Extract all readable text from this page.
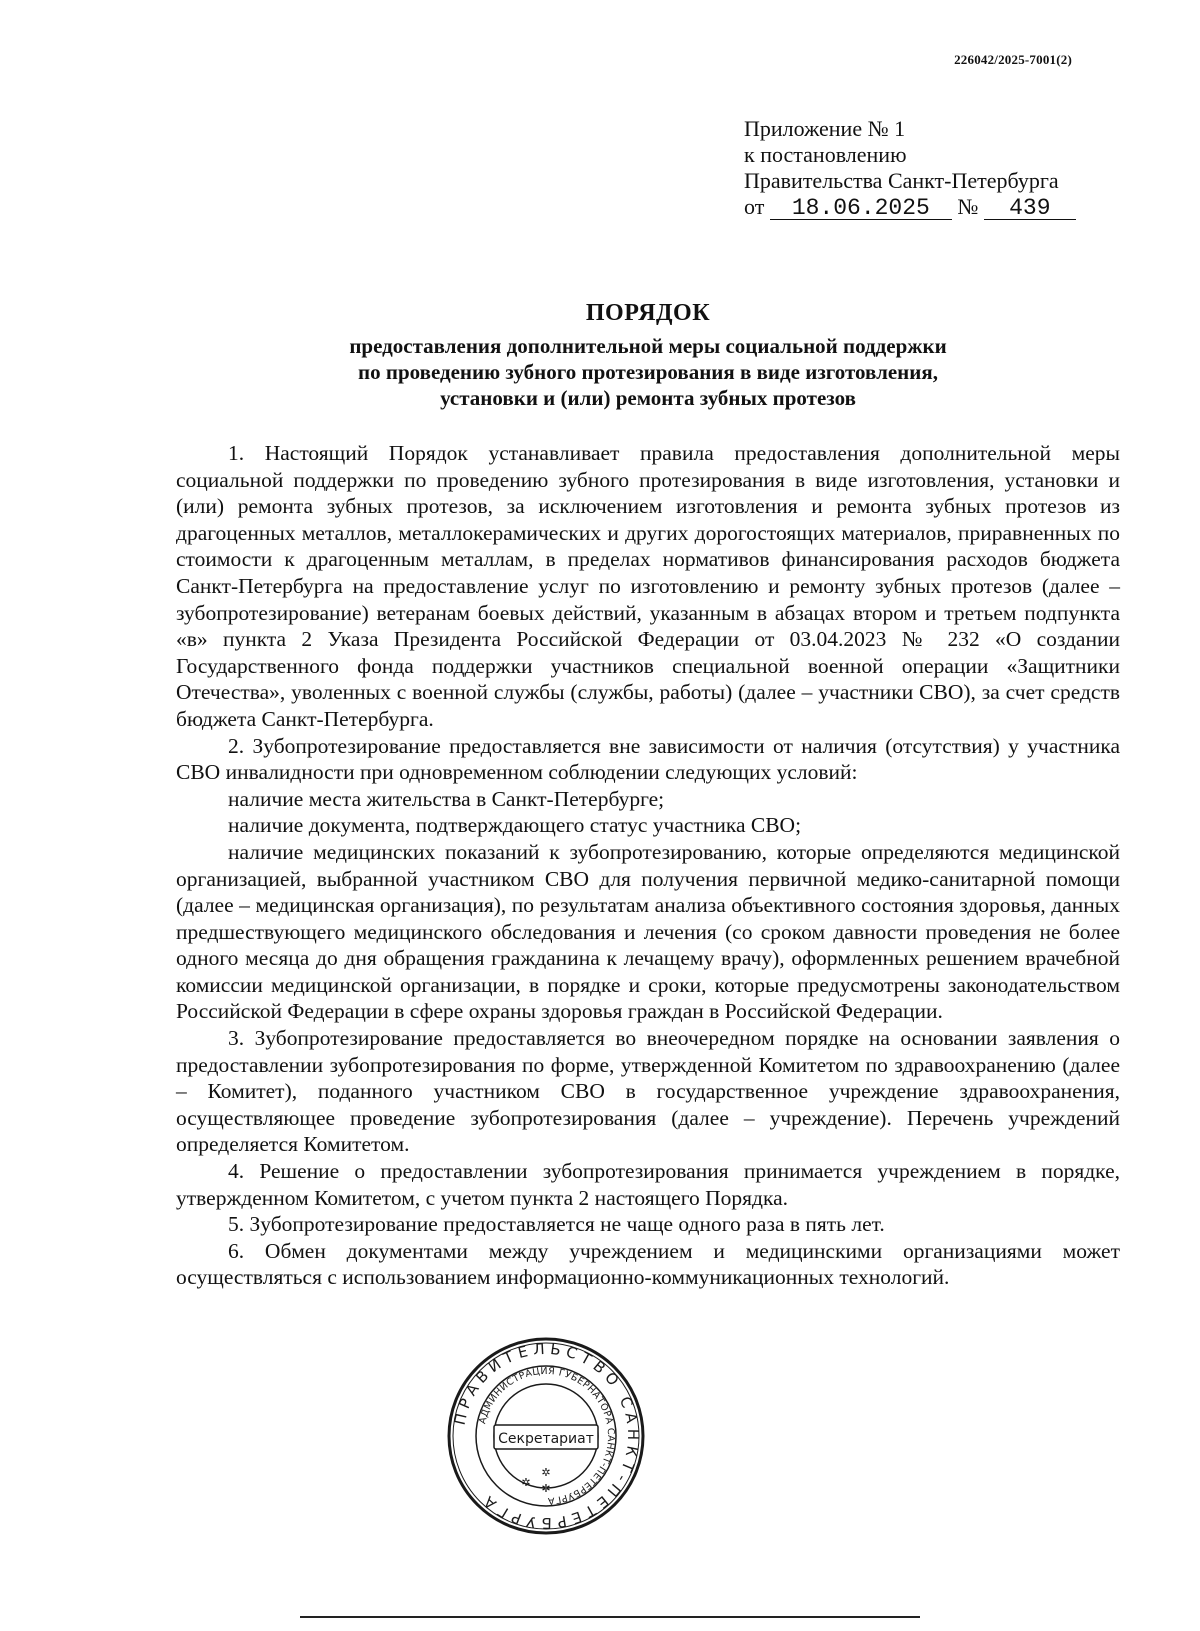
226042/2025-7001(2)
Приложение № 1
к постановлению
Правительства Санкт-Петербурга
от 18.06.2025 № 439
ПОРЯДОК
предоставления дополнительной меры социальной поддержки
по проведению зубного протезирования в виде изготовления,
установки и (или) ремонта зубных протезов

1. Настоящий Порядок устанавливает правила предоставления дополнительной меры социальной поддержки по проведению зубного протезирования в виде изготовления, установки и (или) ремонта зубных протезов, за исключением изготовления и ремонта зубных протезов из драгоценных металлов, металлокерамических и других дорогостоящих материалов, приравненных по стоимости к драгоценным металлам, в пределах нормативов финансирования расходов бюджета Санкт-Петербурга на предоставление услуг по изготовлению и ремонту зубных протезов (далее – зубопротезирование) ветеранам боевых действий, указанным в абзацах втором и третьем подпункта «в» пункта 2 Указа Президента Российской Федерации от 03.04.2023 № 232 «О создании Государственного фонда поддержки участников специальной военной операции «Защитники Отечества», уволенных с военной службы (службы, работы) (далее – участники СВО), за счет средств бюджета Санкт-Петербурга.

2. Зубопротезирование предоставляется вне зависимости от наличия (отсутствия) у участника СВО инвалидности при одновременном соблюдении следующих условий:

наличие места жительства в Санкт-Петербурге;

наличие документа, подтверждающего статус участника СВО;

наличие медицинских показаний к зубопротезированию, которые определяются медицинской организацией, выбранной участником СВО для получения первичной медико-санитарной помощи (далее – медицинская организация), по результатам анализа объективного состояния здоровья, данных предшествующего медицинского обследования и лечения (со сроком давности проведения не более одного месяца до дня обращения гражданина к лечащему врачу), оформленных решением врачебной комиссии медицинской организации, в порядке и сроки, которые предусмотрены законодательством Российской Федерации в сфере охраны здоровья граждан в Российской Федерации.

3. Зубопротезирование предоставляется во внеочередном порядке на основании заявления о предоставлении зубопротезирования по форме, утвержденной Комитетом по здравоохранению (далее – Комитет), поданного участником СВО в государственное учреждение здравоохранения, осуществляющее проведение зубопротезирования (далее – учреждение). Перечень учреждений определяется Комитетом.

4. Решение о предоставлении зубопротезирования принимается учреждением в порядке, утвержденном Комитетом, с учетом пункта 2 настоящего Порядка.

5. Зубопротезирование предоставляется не чаще одного раза в пять лет.

6. Обмен документами между учреждением и медицинскими организациями может осуществляться с использованием информационно-коммуникационных технологий.

ПРАВИТЕЛЬСТВО САНКТ-ПЕТЕРБУРГА
АДМИНИСТРАЦИЯ ГУБЕРНАТОРА САНКТ-ПЕТЕРБУРГА
Секретариат
✲ ✲
✲
